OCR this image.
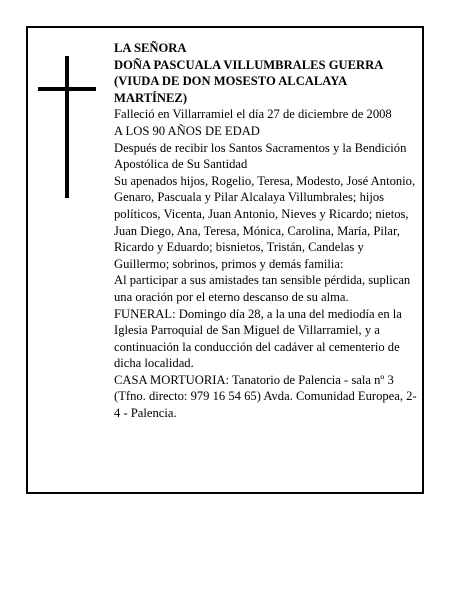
LA SEÑORA

DOÑA PASCUALA VILLUMBRALES GUERRA

(VIUDA DE DON MOSESTO ALCALAYA MARTÍNEZ)

Falleció en Villarramiel el día 27 de diciembre de 2008

A LOS 90 AÑOS DE EDAD

Después de recibir los Santos Sacramentos y la Bendición Apostólica de Su Santidad

Su apenados hijos, Rogelio, Teresa, Modesto, José Antonio, Genaro, Pascuala y Pilar Alcalaya Villumbrales; hijos políticos, Vicenta, Juan Antonio, Nieves y Ricardo; nietos, Juan Diego, Ana, Teresa, Mónica, Carolina, María, Pilar, Ricardo y Eduardo; bisnietos, Tristán, Candelas y Guillermo; sobrinos, primos y demás familia:

Al participar a sus amistades tan sensible pérdida, suplican una oración por el eterno descanso de su alma.

FUNERAL: Domingo día 28, a la una del mediodía en la Iglesia Parroquial de San Miguel de Villarramiel, y a continuación la conducción del cadáver al cementerio de dicha localidad.

CASA MORTUORIA: Tanatorio de Palencia - sala nº 3 (Tfno. directo: 979 16 54 65) Avda. Comunidad Europea, 2-4 - Palencia.
